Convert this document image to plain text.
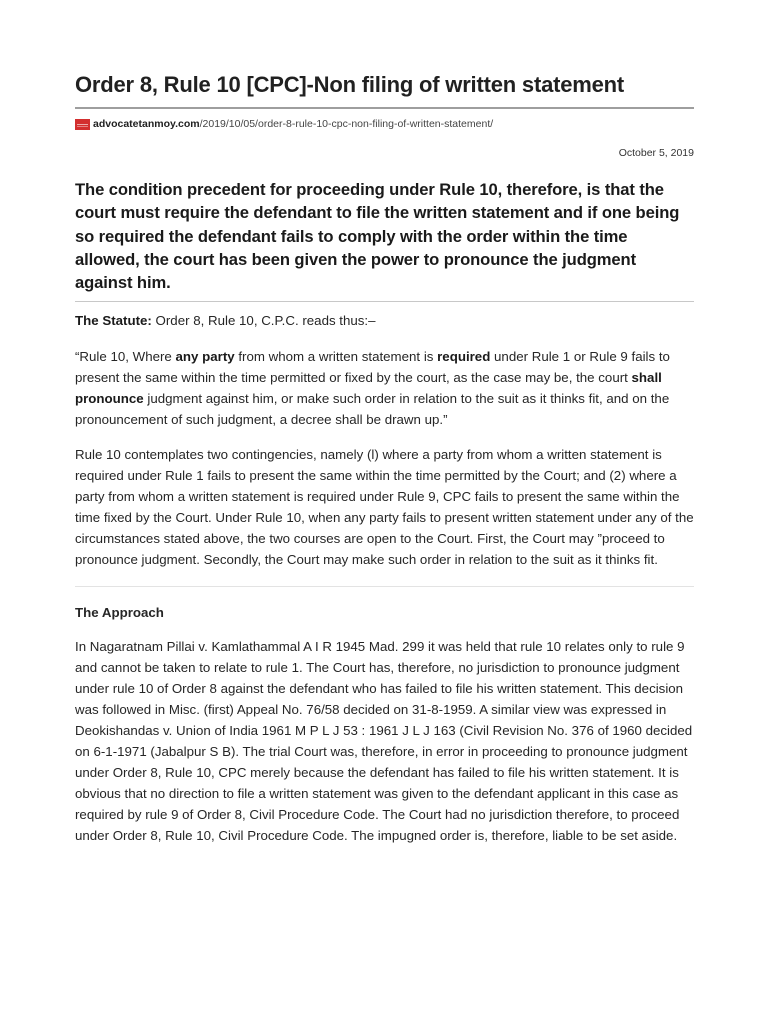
Order 8, Rule 10 [CPC]-Non filing of written statement
advocatetanmoy.com/2019/10/05/order-8-rule-10-cpc-non-filing-of-written-statement/
October 5, 2019

The condition precedent for proceeding under Rule 10, therefore, is that the court must require the defendant to file the written statement and if one being so required the defendant fails to comply with the order within the time allowed, the court has been given the power to pronounce the judgment against him.

The Statute: Order 8, Rule 10, C.P.C. reads thus:–

“Rule 10, Where any party from whom a written statement is required under Rule 1 or Rule 9 fails to present the same within the time permitted or fixed by the court, as the case may be, the court shall pronounce judgment against him, or make such order in relation to the suit as it thinks fit, and on the pronouncement of such judgment, a decree shall be drawn up.”

Rule 10 contemplates two contingencies, namely (l) where a party from whom a written statement is required under Rule 1 fails to present the same within the time permitted by the Court; and (2) where a party from whom a written statement is required under Rule 9, CPC fails to present the same within the time fixed by the Court. Under Rule 10, when any party fails to present written statement under any of the circumstances stated above, the two courses are open to the Court. First, the Court may ”proceed to pronounce judgment. Secondly, the Court may make such order in relation to the suit as it thinks fit.

The Approach

In Nagaratnam Pillai v. Kamlathammal A I R 1945 Mad. 299 it was held that rule 10 relates only to rule 9 and cannot be taken to relate to rule 1. The Court has, therefore, no jurisdiction to pronounce judgment under rule 10 of Order 8 against the defendant who has failed to file his written statement. This decision was followed in Misc. (first) Appeal No. 76/58 decided on 31-8-1959. A similar view was expressed in Deokishandas v. Union of India 1961 M P L J 53 : 1961 J L J 163 (Civil Revision No. 376 of 1960 decided on 6-1-1971 (Jabalpur S B). The trial Court was, therefore, in error in proceeding to pronounce judgment under Order 8, Rule 10, CPC merely because the defendant has failed to file his written statement. It is obvious that no direction to file a written statement was given to the defendant applicant in this case as required by rule 9 of Order 8, Civil Procedure Code. The Court had no jurisdiction therefore, to proceed under Order 8, Rule 10, Civil Procedure Code. The impugned order is, therefore, liable to be set aside.
